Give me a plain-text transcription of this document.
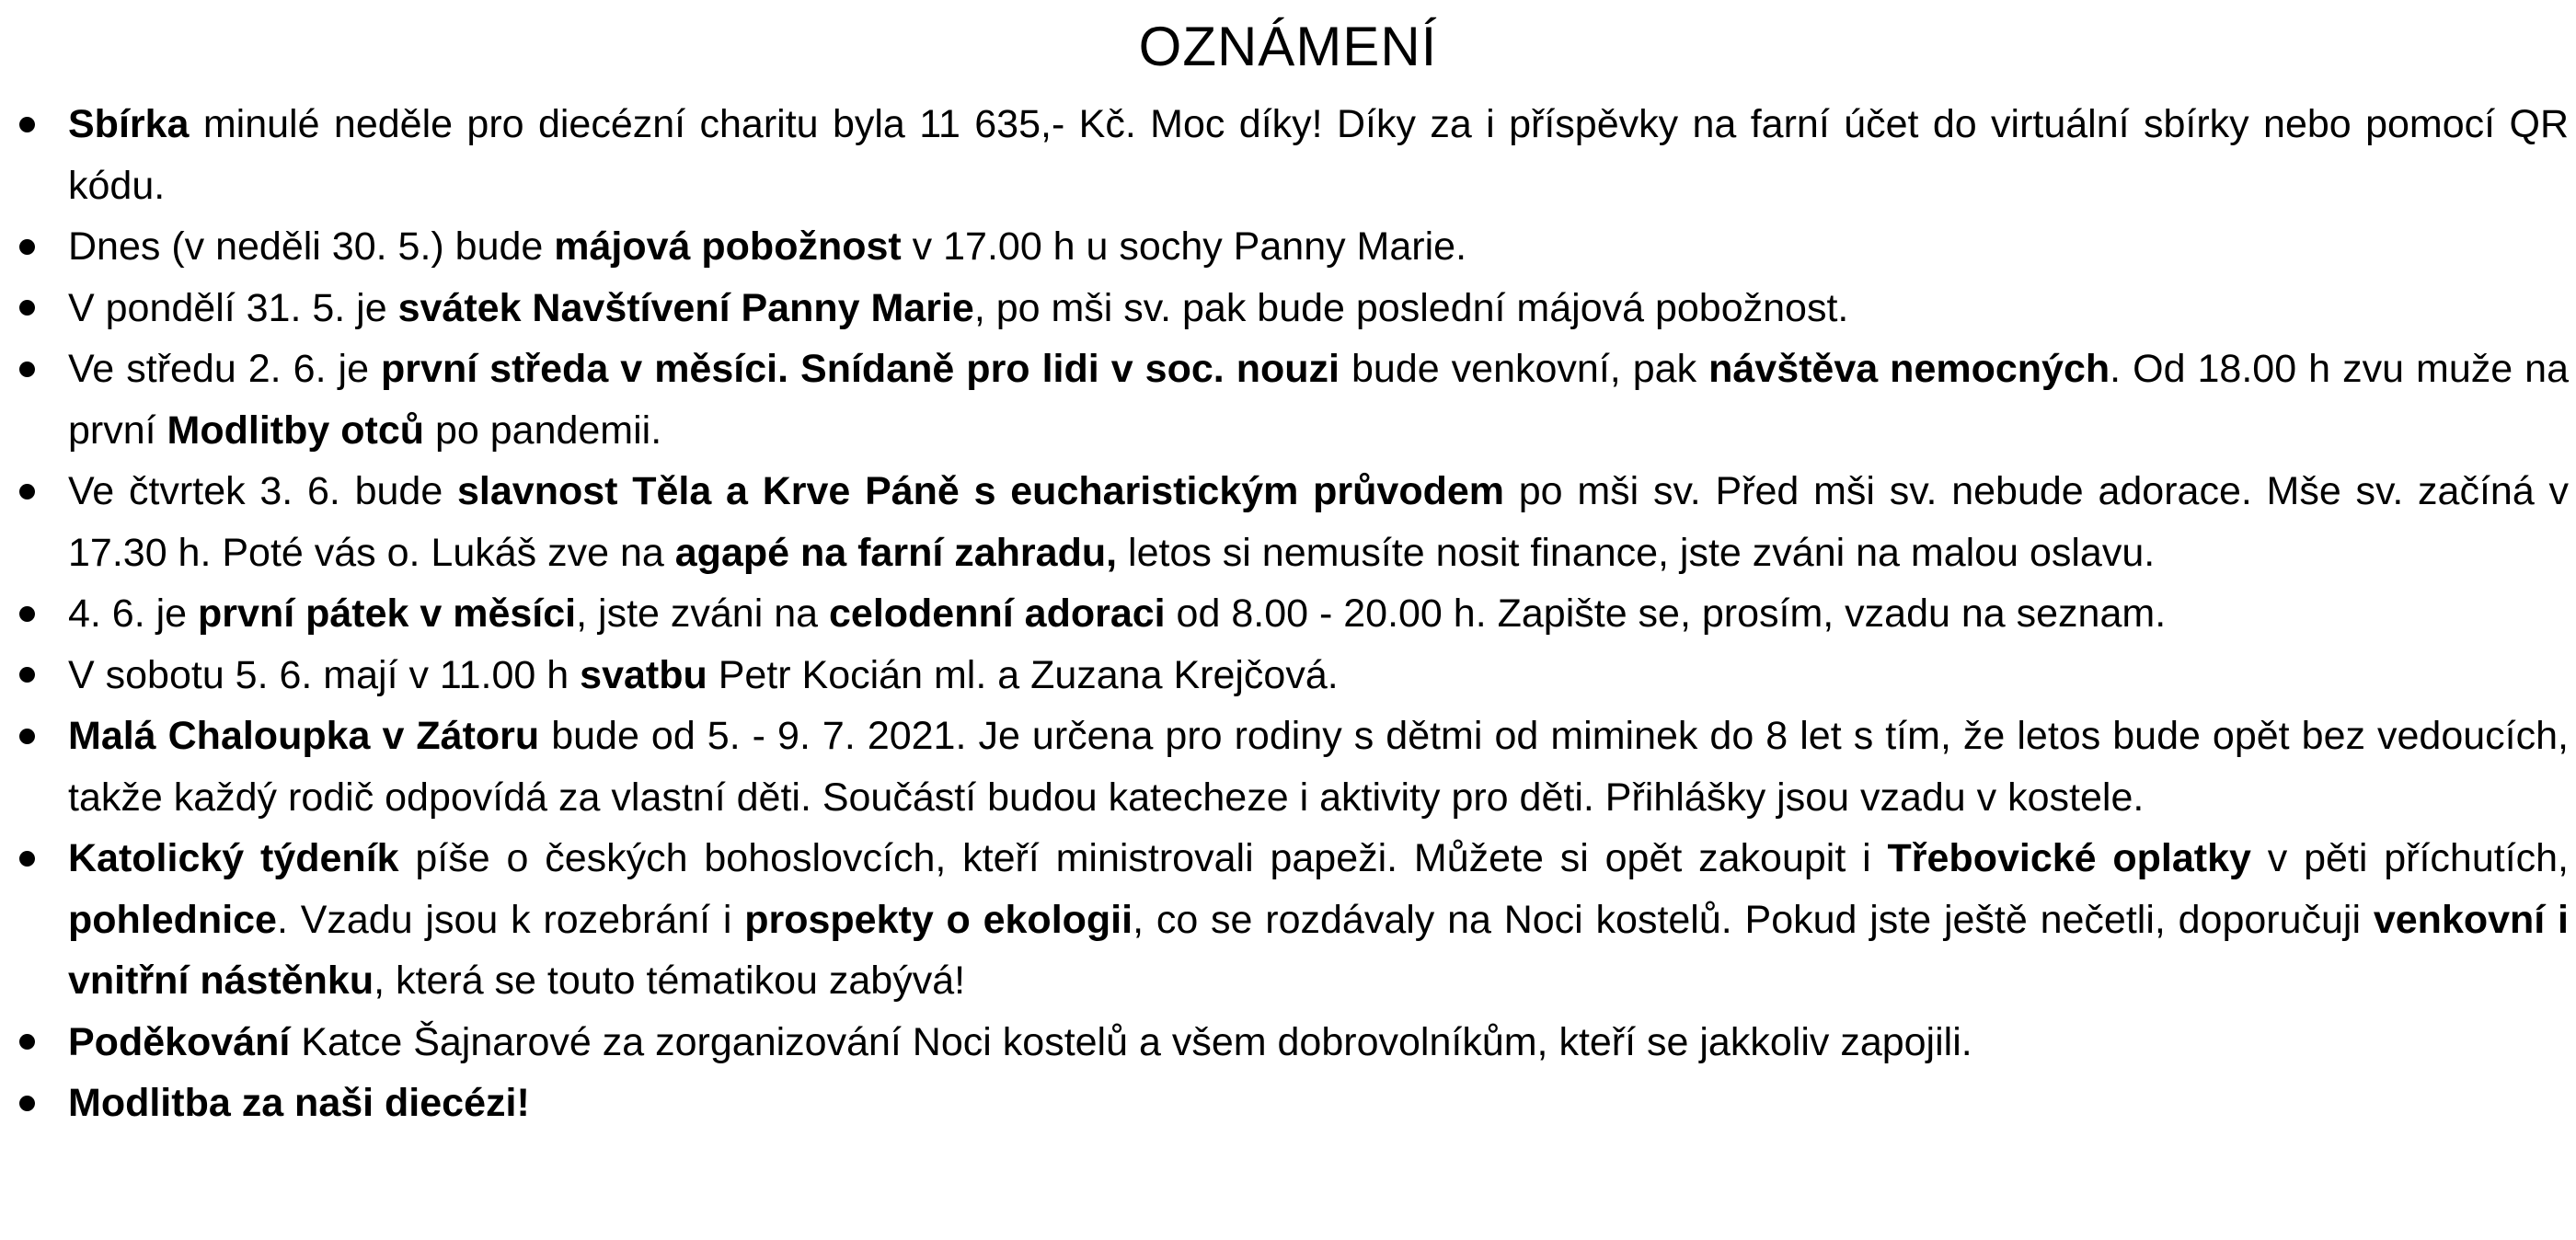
OZNÁMENÍ
Sbírka minulé neděle pro diecézní charitu byla 11 635,- Kč. Moc díky! Díky za i příspěvky na farní účet do virtuální sbírky nebo pomocí QR kódu.
Dnes (v neděli 30. 5.) bude májová pobožnost v 17.00 h u sochy Panny Marie.
V pondělí 31. 5. je svátek Navštívení Panny Marie, po mši sv. pak bude poslední májová pobožnost.
Ve středu 2. 6. je první středa v měsíci. Snídaně pro lidi v soc. nouzi bude venkovní, pak návštěva nemocných. Od 18.00 h zvu muže na první Modlitby otců po pandemii.
Ve čtvrtek 3. 6. bude slavnost Těla a Krve Páně s eucharistickým průvodem po mši sv. Před mši sv. nebude adorace. Mše sv. začíná v 17.30 h. Poté vás o. Lukáš zve na agapé na farní zahradu, letos si nemusíte nosit finance, jste zváni na malou oslavu.
4. 6. je první pátek v měsíci, jste zváni na celodenní adoraci od 8.00 - 20.00 h. Zapište se, prosím, vzadu na seznam.
V sobotu 5. 6. mají v 11.00 h svatbu Petr Kocián ml. a Zuzana Krejčová.
Malá Chaloupka v Zátoru bude od 5. - 9. 7. 2021. Je určena pro rodiny s dětmi od miminek do 8 let s tím, že letos bude opět bez vedoucích, takže každý rodič odpovídá za vlastní děti. Součástí budou katecheze i aktivity pro děti. Přihlášky jsou vzadu v kostele.
Katolický týdeník píše o českých bohoslovcích, kteří ministrovali papeži. Můžete si opět zakoupit i Třebovické oplatky v pěti příchutích, pohlednice. Vzadu jsou k rozebrání i prospekty o ekologii, co se rozdávaly na Noci kostelů. Pokud jste ještě nečetli, doporučuji venkovní i vnitřní nástěnku, která se touto tématikou zabývá!
Poděkování Katce Šajnarové za zorganizování Noci kostelů a všem dobrovolníkům, kteří se jakkoliv zapojili.
Modlitba za naši diecézi!
